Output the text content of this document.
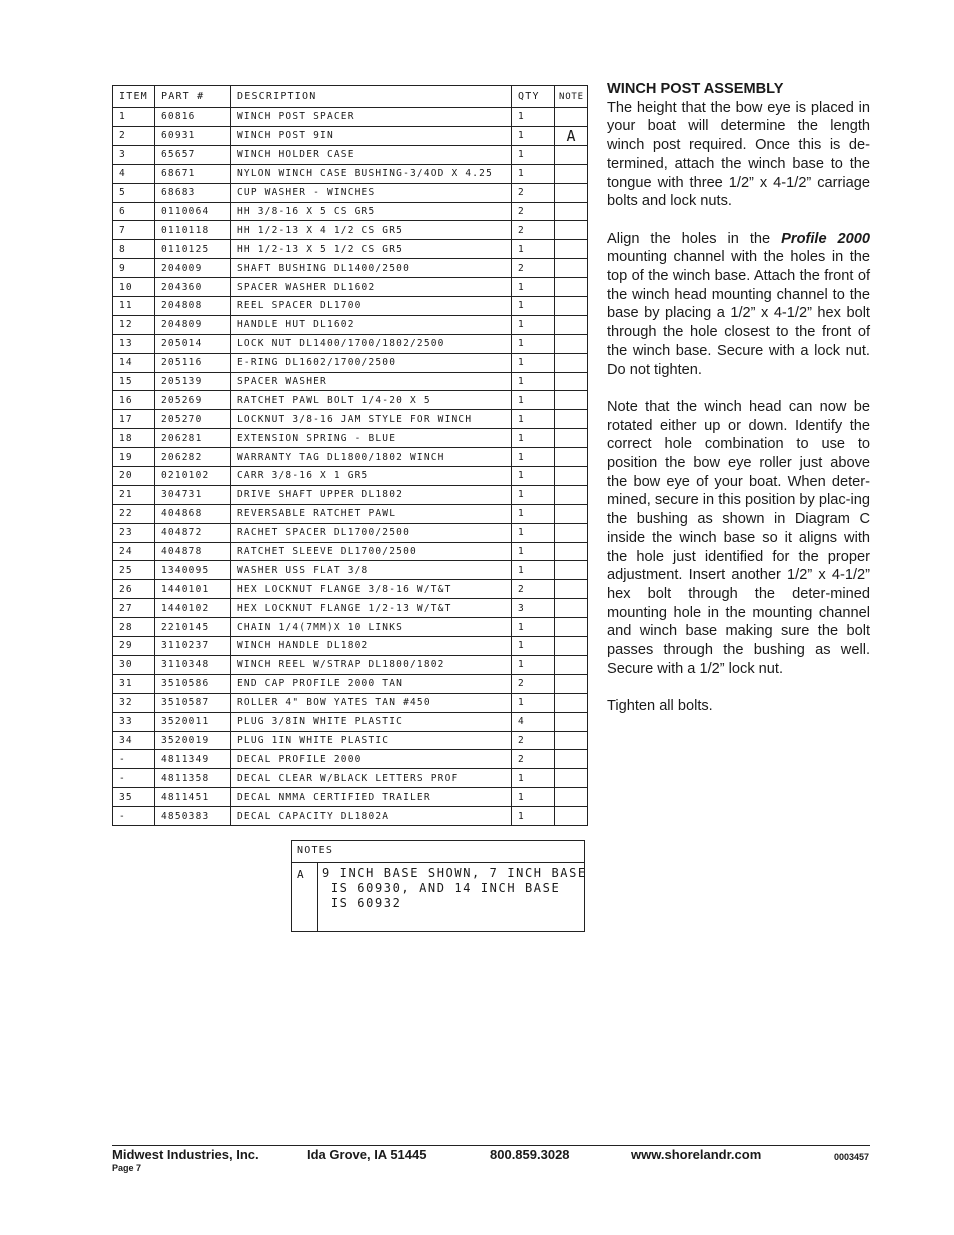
ITEM	PART #	DESCRIPTION	QTY	NOTE
1	60816	WINCH POST SPACER	1	
2	60931	WINCH POST 9IN	1	A
3	65657	WINCH HOLDER CASE	1	
4	68671	NYLON WINCH CASE BUSHING-3/4OD X 4.25	1	
5	68683	CUP WASHER - WINCHES	2	
6	0110064	HH 3/8-16 X 5 CS GR5	2	
7	0110118	HH 1/2-13 X 4 1/2 CS GR5	2	
8	0110125	HH 1/2-13 X 5 1/2 CS GR5	1	
9	204009	SHAFT BUSHING DL1400/2500	2	
10	204360	SPACER WASHER DL1602	1	
11	204808	REEL SPACER DL1700	1	
12	204809	HANDLE HUT DL1602	1	
13	205014	LOCK NUT DL1400/1700/1802/2500	1	
14	205116	E-RING DL1602/1700/2500	1	
15	205139	SPACER WASHER	1	
16	205269	RATCHET PAWL BOLT 1/4-20 X 5	1	
17	205270	LOCKNUT 3/8-16 JAM STYLE FOR WINCH	1	
18	206281	EXTENSION SPRING - BLUE	1	
19	206282	WARRANTY TAG DL1800/1802 WINCH	1	
20	0210102	CARR 3/8-16 X 1 GR5	1	
21	304731	DRIVE SHAFT UPPER DL1802	1	
22	404868	REVERSABLE RATCHET PAWL	1	
23	404872	RACHET SPACER DL1700/2500	1	
24	404878	RATCHET SLEEVE DL1700/2500	1	
25	1340095	WASHER USS FLAT 3/8	1	
26	1440101	HEX LOCKNUT FLANGE 3/8-16 W/T&T	2	
27	1440102	HEX LOCKNUT FLANGE 1/2-13 W/T&T	3	
28	2210145	CHAIN 1/4(7MM)X 10 LINKS	1	
29	3110237	WINCH HANDLE DL1802	1	
30	3110348	WINCH REEL W/STRAP DL1800/1802	1	
31	3510586	END CAP PROFILE 2000 TAN	2	
32	3510587	ROLLER 4" BOW YATES TAN #450	1	
33	3520011	PLUG 3/8IN WHITE PLASTIC	4	
34	3520019	PLUG 1IN WHITE PLASTIC	2	
-	4811349	DECAL PROFILE 2000	2	
-	4811358	DECAL CLEAR W/BLACK LETTERS PROF	1	
35	4811451	DECAL NMMA CERTIFIED TRAILER	1	
-	4850383	DECAL CAPACITY DL1802A	1	
NOTES
A	9 INCH BASE SHOWN, 7 INCH BASE
IS 60930, AND 14 INCH BASE
IS 60932
WINCH POST ASSEMBLY

The height that the bow eye is placed in your boat will determine the length winch post required. Once this is de-termined, attach the winch base to the tongue with three 1/2” x 4-1/2” carriage bolts and lock nuts.

Align the holes in the Profile 2000 mounting channel with the holes in the top of the winch base. Attach the front of the winch head mounting channel to the base by placing a 1/2” x 4-1/2” hex bolt through the hole closest to the front of the winch base. Secure with a lock nut. Do not tighten.

Note that the winch head can now be rotated either up or down. Identify the correct hole combination to use to position the bow eye roller just above the bow eye of your boat. When deter-mined, secure in this position by plac-ing the bushing as shown in Diagram C inside the winch base so it aligns with the hole just identified for the proper adjustment. Insert another 1/2” x 4-1/2” hex bolt through the deter-mined mounting hole in the mounting channel and winch base making sure the bolt passes through the bushing as well. Secure with a 1/2” lock nut.

Tighten all bolts.

Midwest Industries, Inc.	Ida Grove, IA 51445	800.859.3028	www.shorelandr.com	0003457
Page 7
